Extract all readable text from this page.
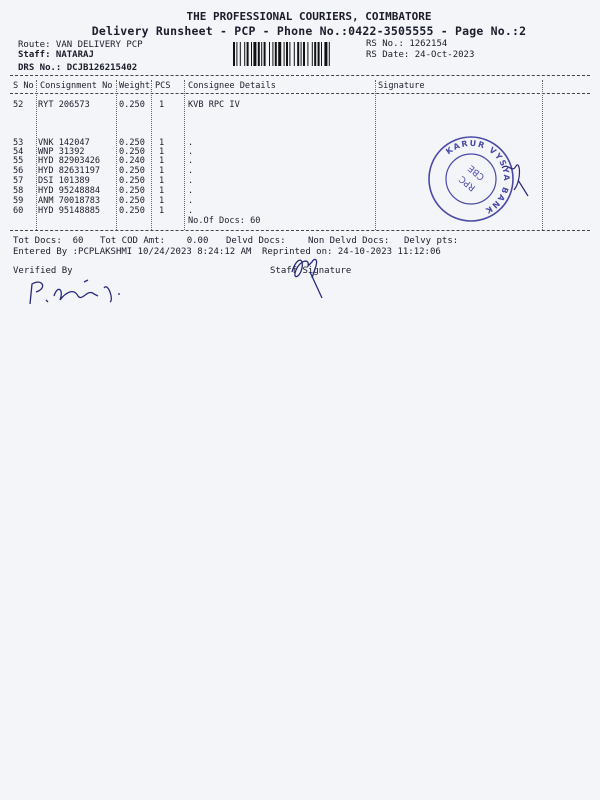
THE PROFESSIONAL COURIERS, COIMBATORE
Delivery Runsheet - PCP - Phone No.:0422-3505555 - Page No.:2
Route: VAN DELIVERY PCP
Staff: NATARAJ
RS No.: 1262154
RS Date: 24-Oct-2023
DRS No.: DCJB126215402
S No Consignment No Weight PCS Consignee Details	Signature
52 RYT 206573	0.250 1	KVB RPC IV
53 VNK 142047	0.250 1	.
54 WNP 31392	0.250 1	.
55 HYD 82903426 0.240 1	.
56 HYD 82631197 0.250 1	.
57 DSI 101389	0.250 1	.
58 HYD 95248884 0.250 1	.
59 ANM 70018783 0.250 1	.
60 HYD 95148885 0.250 1	.
No.Of Docs: 60
KARUR VYSYA BANK
RPC
CBE
Tot Docs:  60 Tot COD Amt:    0.00 Delvd Docs: Non Delvd Docs: Delvy pts:
Entered By :PCPLAKSHMI 10/24/2023 8:24:12 AM Reprinted on: 24-10-2023 11:12:06
Verified By	Staff Signature
